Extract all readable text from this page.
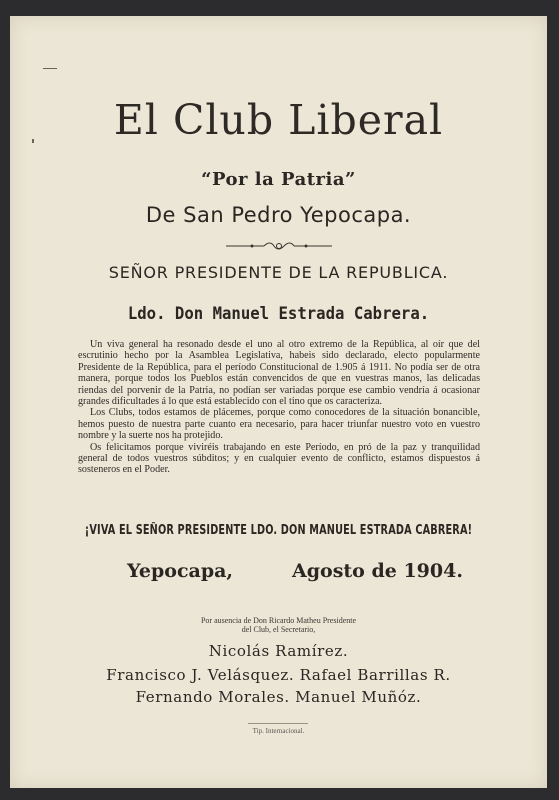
El Club Liberal
“Por la Patria”
De San Pedro Yepocapa.
SEÑOR PRESIDENTE DE LA REPUBLICA.
Ldo. Don Manuel Estrada Cabrera.

Un viva general ha resonado desde el uno al otro extremo de la República, al oír que del escrutinio hecho por la Asamblea Legislativa, habeis sido declarado, electo popularmente Presidente de la República, para el período Constitucional de 1.905 á 1911. No podía ser de otra manera, porque todos los Pueblos están convencidos de que en vuestras manos, las delicadas riendas del porvenir de la Patria, no podían ser variadas porque ese cambio vendría á ocasionar grandes dificultades á lo que está establecido con el tino que os caracteriza.

Los Clubs, todos estamos de plácemes, porque como conocedores de la situación bonancible, hemos puesto de nuestra parte cuanto era necesario, para hacer triunfar nuestro voto en vuestro nombre y la suerte nos ha protejido.

Os felicitamos porque viviréis trabajando en este Período, en pró de la paz y tranquilidad general de todos vuestros súbditos; y en cualquier evento de conflicto, estamos dispuestos á sosteneros en el Poder.

¡VIVA EL SEÑOR PRESIDENTE LDO. DON MANUEL ESTRADA CABRERA!
Yepocapa,	Agosto de 1904.
Por ausencia de Don Ricardo Matheu Presidente
del Club, el Secretario,
Nicolás Ramírez.
Francisco J. Velásquez. Rafael Barrillas R.
Fernando Morales. Manuel Muñóz.
Tip. Internacional.
